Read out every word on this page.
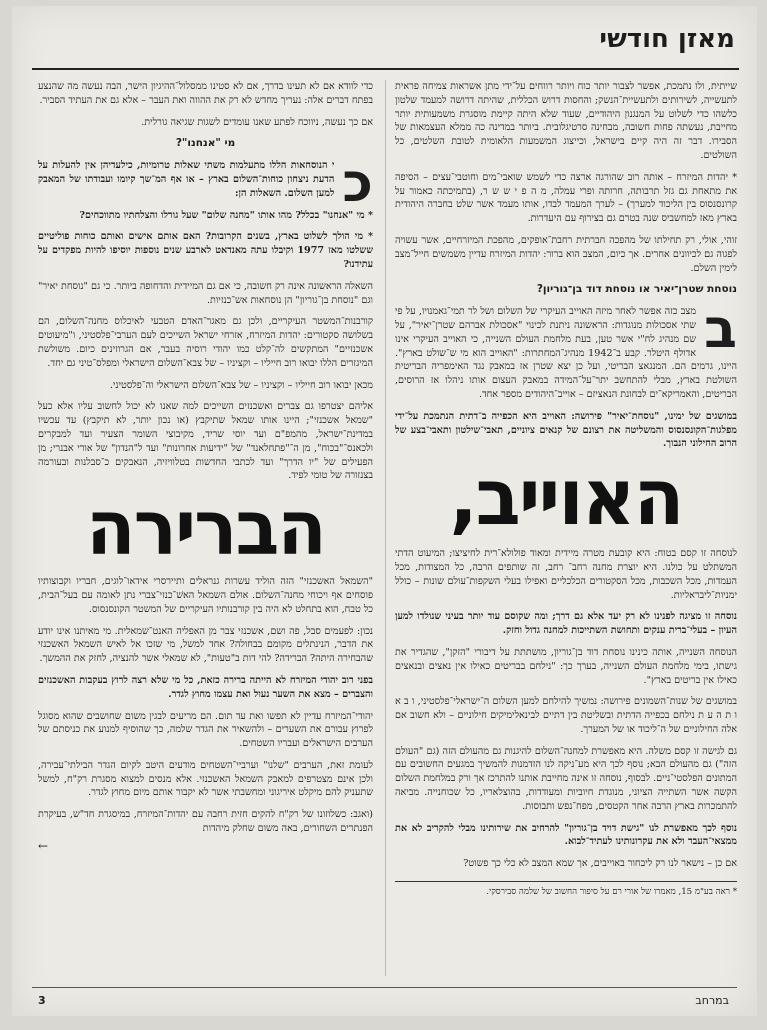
מאזן חודשי

שייתית, ולו נתמכת, אפשר לצבור יותר כוח ויותר רווחים על־ידי מתן אשראות צמיחה פראית לתעשייה, לשירותים ולתעשיית־הנשק; והחסות דרוש הכללית, שהיתה דרושה למעמד שלטון כלשהו כדי לשלוט על המנגנון היהודיים, שעוד שלא היתה קיימת מוסגרת משמעותית יותר מחייבת, נעשתה פחות חשובה, מבחינה סרטיגלובית. ביותר במדינה כה ממלא העצמאות של הסבירו. דבר זה היה קיים בישראל, וכייצוג המשמעות הלאומית לטובת השלטים, כל השולטים.

* יהדות המיזרח – אותה רוב שהורגה ארצה כדי לשמש שואבי־מים וחוטבי־עצים – הסיפה את מתאחת גם גזל תרבותה, חרותה ופרי עמלה, מ ה פ י ש ש ר, (בתמיכתה כאמור על קרונסנסוס בין הליכוד למערך) – לערך המעמד לבדו, אותו מעמד אשר שלט בחברה היהודית בארץ מאז למחשביס שנה בטרם גם בצירוף עם היעדרות.

זוהי, אולי, רק תחילתו של מהפכה חברתית רחבת־אופקים, מהפכת המיזרחיים, אשר עשויה לפגוה גם לכיוונים אחרים. אך כיום, המצב הוא ברור: יהדות המיזרח עדיין משמשים חייל־מצב לימין השלם.

נוסחת שטרן־יאיר או נוסחת דוד בן־גוריון?
ב

מצב כזה אפשר לאחר מיזה האוייב העיקרי של השלום ושל לר תמי־גאמנויו, על פי שתי אסכולות מנוגדות: הראשונה ניתנת לכינוי "אסכולת אברהם שטרן־יאיר", על שם מנהיג לח"י אשר טען, בעת מלחמת העולם השנייה, כי האוייב העיקרי אינו אדולף היטלר. קבע ב־1942 מנהיג־המחתרות: "האוייב הוא מי ש־שולט בארץ". היינו, גרמים הם. המנגאצ הבריטי, ועל כן יצא שטרן אז במאבק נגד האימפריה הבריטית השולטת בארץ, מבלי להתחשב יתר־על־המידה במאבק העצום אותו ניהלו אז הרוסים, הבריטים, והאמריקא־ים לבחונת הנאציזם – אוייב־היהודים מספר אחד.

במושגים של ימינו, "נוסחת־יאיר" פירושה: האוייב היא הכפייה ב־דתית הנתמכת על־ידי מפלגות־הקונסנסוס והמשליטה את רצונם של קנאים ציוניים, תאבי־שילטון ותאבי־בצע של הרוב החילוני הנבוך.

האוייב,

לנוסחה זו קסם בטוח: היא קובעת מטרה מיידית ומאוד פולולא־רית לחיציצו; המיעוט הדתי המשתלט על כולנו. היא יוצרת מחנה רחב־ רחב, זה שותפים הרבה, כל המצודות, מכל העמדות, מכל השכבות, מכל הסקטורים הכלכליים ואפילו בעלי השקפות־עולם שונות – כולל ימניות־ליבראליות.

נוסחה זו מציגה לפנינו לא רק יעד אלא גם דרך; ומה שקוסם עוד יותר בעיני שנולדו למען העיון – בעלי־ברית ענקים ותחושת השתייכות למחנה גדול וחזק.

הנוסחה השנייה, אותה כינינו נוסחת דוד בן־גוריון, מושתתת על דיבורי "הזקן", שהגדיר את גישתו, בימי מלחמת העולם השנייה, בערך כך: "נילחם בבריטים כאילו אין נאצים ובנאצים כאילו אין בריטים בארץ".

במושגים של שנות־השמונים פירושה: נמשיך להילחם למען השלום ה־ישראלי־פלסטיני, ו ב א ו ת ה ע ת נילחם בכפייה הדתית ובשליטת בין דתיים לבינאלימיקים חילוניים – ולא חשוב אם אלה החילוניים של ה־ליכוד או של המערך.

גם לגישה זו קסם משלה. היא מאפשרת למחנה־השלום להיגנות גם מהעולם הזה (גם "העולם הזה") גם מהעולם הבא; נוסף לכך היא מע־ניקה לנו הזדמנות להמשיך במגעים החשובים עם המתונים הפלסטי־ניים. לבסוף, נוסחה זו אינה מחייבת אותנו להתרכז אך ורק במלחמת השלום הקשה אשר השתייה הציוני, מנוגדת חיוביות ומעודדות, בהוצלאריו, כל שכוחנייה. מביאה להתמכרות בארץ הרבה אחר הקטסים, מפח־נפש ותבוסות.

נוסף לכך מאפשרת לנו "גישת דויד בן־גוריון" להרחיב את שירותינו מבלי להקריב לא את ממצאי־העבר ולא את עקרונותינו לעתיד־לבוא.

אם כן – נישאר לנו רק ליבחור באוייבים, אך שמא המצב לא כלי כך פשוט?

* ראה בע"מ 15, מאמרו של אורי רם על סיפור החשוב של שלמה סבירסקי.

כדי לוודא אם לא תעינו בדרך, אם לא סטינו ממסלול־ההיגיון הישר, הבה נעשה מה שהנצע בפתח דברים אלה: נעריך מחדש לא רק את ההווה ואת העבר – אלא גם את העתיד הסביר.

אם כך נעשה, ניווכח לפתע שאנו עומדים לשגות שגיאה גורלית.

מי "אנחנו"?
כ

י הנוסחאות הללו מתעלמות משתי שאלות טרומיות, כילעדיהן אין להעלות על הדעת ניצחון כוחות־השלום בארץ – או אף המ־שך קיומו ועבודתו של המאבק למען השלום. השאלות הן:

* מי "אנחנו" בכלל? מהו אותו "מחנה שלום" שעל גורלו והצלחתיו מתווכחים?

* מי הולך לשלוט בארץ, בשנים הקרובות? האם אותם אישים ואותם כוחות פוליטיים ששלטו מאז 1977 וקיבלו עתה מאנדאט לארבע שנים נוספות יוסיפו להיות מפקדים על עתידנו?

השאלה הראשונה אינה רק חשובה, כי אם גם המיידית והדחופה ביותר. כי גם "נוסחת יאיר" וגם "נוסחת בן־גוריון" הן נוסחאות אש־כנזיות.

קורבנות־המשטר העיקריים, ולכן גם מאגר־האדם הטבעי לאיכלוס מחנה־השלום, הם בשלושה סקטורים: יהדות המיזרח, אזרחי ישראל השייכים לעם הערבי־פלסטיני, ו"מיעוטים אשכנזיים" המתקשים לה־קלט כמו יהודי רוסיה בעבר, אם הגרוזינים כיום. משולשת המיגזרים הללו יבואו רוב חייליו – וקציניו – של צבא־השלום הישראלי ומפלס־טיני גם יחד.

מכאן יבואו רוב חייליו – וקציניו – של צבא־השלום הישראלי וה־פלסטיני.

אליהם יצטרפו גם צברים ואשכנזים השייכים למה שאנו לא יכול לחשוב עליו אלא כעל "שמאל אשכנזי"; היינו אותו שמאל שתיקבץ (או נכון יותר, לא תיקבץ) עד עכשיו במדינת־ישראל, מהמפ"ם ועד יוסי שריד, מקיבוצי השומר הצעיר ועד למבקרים ולכאנס־"בכוח", מן ה־"פתחלאנד" של "ידיעות אחרונות" ועד ל"הנדון" של אורי אבנרי; מן הפעילים של "יו הדרך" ועד לכתבי החדשות בטלוויזיה, הנאבקים כ־סבלנות ובעורמה בצנזורה של טומי לפיד.

הברירה

"השמאל האשכנזי" הזה הוליד עשרות גנראלים ותיירסרי אידאו־לוגים, חבריו וקבוצותיו פוסחים אף ויכוחי מחנה־השלום. אולם השמאל האשׁ־כנזי־צברי נתן לאומה עם בעל־הבית, כל טבח, הוא בתחלט לא היה בין קורבנותיו העיקריים של המשטר הקונסנסוס.

נכון: לפעמים סבל, פה ושם, אשכנזי צבר מן האפליה האנט־שמאלית. מי מאיתנו אינו יודע את הדבר, הנינתלים מקומם בבחולה? אחד למשל, מי שזכו אל לאיש השמאל האשכנזי שהבחירה היתה? הברידה? להי דות ב"טעות", לא שמאלי אשר להנציה, לחזק את ההמשך.

בפני רוב יהודי המיזרח לא הייתה ברירה כזאת, כל מי שלא רצה לרוץ בעקבות האשכנזים והצברים – מצא את השער נעול ואת עצמו מחוץ לגדר.

יהודי־המיזרח עדיין לא תפשו ואת עד תום. הם מריעים לבגין משום שחושבים שהוא מסוגל לפרוץ עבורם את השערים – ולהשאיר את הגדר שלמה, כך שהוסיף למנוע את כניסתם של הערבים הישראלים ועבריו השטחים.

לעומת זאת, הערבים "שלנו" וערביי־השטחים מודעים היטב לקיום הגדר הבילתי־עבירה, ולכן אינם מצטרפים למאבק השמאל האשכנזי. אלא מנסים למצוא מסגרת רק"ח, למשל שתעניק להם מיקלט איריגוני ומחשבתי אשר לא יקבור אותם מיום מחוץ לגדר.

(ואגב: כשלוזונו של רק"ח להקים חזית רחבה עם יהדות־המיזרח, במיסגרת חד"ש, בעיקרת הפנתרים השחורים, באה משום שחלק מיהדות

←
3	במרחב
